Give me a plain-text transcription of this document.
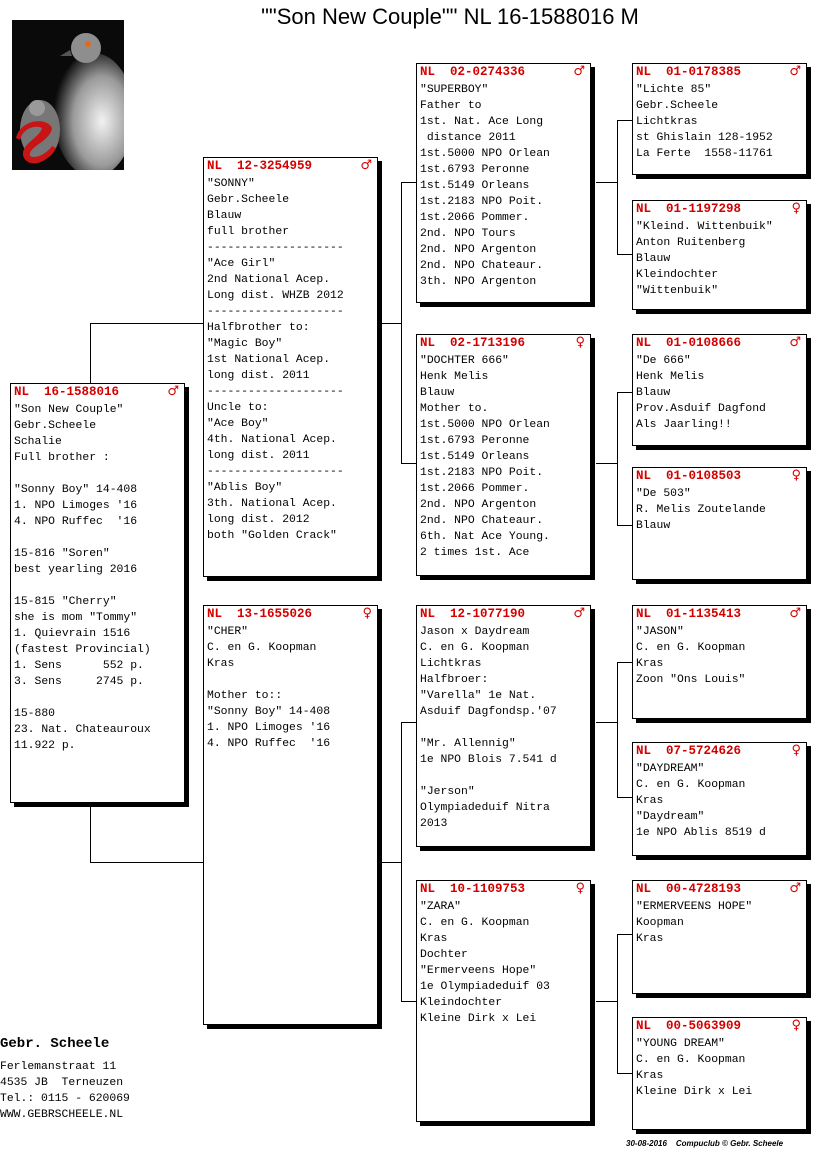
""Son New Couple"" NL 16-1588016 M
NL  16-1588016	♂
"Son New Couple"
Gebr.Scheele
Schalie
Full brother :

"Sonny Boy" 14-408
1. NPO Limoges '16
4. NPO Ruffec  '16

15-816 "Soren"
best yearling 2016

15-815 "Cherry"
she is mom "Tommy"
1. Quievrain 1516
(fastest Provincial)
1. Sens      552 p.
3. Sens     2745 p.

15-880
23. Nat. Chateauroux
11.922 p.
NL  12-3254959	♂
"SONNY"
Gebr.Scheele
Blauw
full brother
--------------------
"Ace Girl"
2nd National Acep.
Long dist. WHZB 2012
--------------------
Halfbrother to:
"Magic Boy"
1st National Acep.
long dist. 2011
--------------------
Uncle to:
"Ace Boy"
4th. National Acep.
long dist. 2011
--------------------
"Ablis Boy"
3th. National Acep.
long dist. 2012
both "Golden Crack"
NL  13-1655026	♀
"CHER"
C. en G. Koopman
Kras

Mother to::
"Sonny Boy" 14-408
1. NPO Limoges '16
4. NPO Ruffec  '16
NL  02-0274336	♂
"SUPERBOY"
Father to
1st. Nat. Ace Long
distance 2011
1st.5000 NPO Orlean
1st.6793 Peronne
1st.5149 Orleans
1st.2183 NPO Poit.
1st.2066 Pommer.
2nd. NPO Tours
2nd. NPO Argenton
2nd. NPO Chateaur.
3th. NPO Argenton
NL  02-1713196	♀
"DOCHTER 666"
Henk Melis
Blauw
Mother to.
1st.5000 NPO Orlean
1st.6793 Peronne
1st.5149 Orleans
1st.2183 NPO Poit.
1st.2066 Pommer.
2nd. NPO Argenton
2nd. NPO Chateaur.
6th. Nat Ace Young.
2 times 1st. Ace
NL  12-1077190	♂
Jason x Daydream
C. en G. Koopman
Lichtkras
Halfbroer:
"Varella" 1e Nat.
Asduif Dagfondsp.'07

"Mr. Allennig"
1e NPO Blois 7.541 d

"Jerson"
Olympiadeduif Nitra
2013
NL  10-1109753	♀
"ZARA"
C. en G. Koopman
Kras
Dochter
"Ermerveens Hope"
1e Olympiadeduif 03
Kleindochter
Kleine Dirk x Lei
NL  01-0178385	♂
"Lichte 85"
Gebr.Scheele
Lichtkras
st Ghislain 128-1952
La Ferte  1558-11761
NL  01-1197298	♀
"Kleind. Wittenbuik"
Anton Ruitenberg
Blauw
Kleindochter
"Wittenbuik"
NL  01-0108666	♂
"De 666"
Henk Melis
Blauw
Prov.Asduif Dagfond
Als Jaarling!!
NL  01-0108503	♀
"De 503"
R. Melis Zoutelande
Blauw
NL  01-1135413	♂
"JASON"
C. en G. Koopman
Kras
Zoon "Ons Louis"
NL  07-5724626	♀
"DAYDREAM"
C. en G. Koopman
Kras
"Daydream"
1e NPO Ablis 8519 d
NL  00-4728193	♂
"ERMERVEENS HOPE"
Koopman
Kras
NL  00-5063909	♀
"YOUNG DREAM"
C. en G. Koopman
Kras
Kleine Dirk x Lei
Gebr. Scheele
Ferlemanstraat 11
4535 JB  Terneuzen
Tel.: 0115 - 620069
WWW.GEBRSCHEELE.NL
30-08-2016    Compuclub © Gebr. Scheele
